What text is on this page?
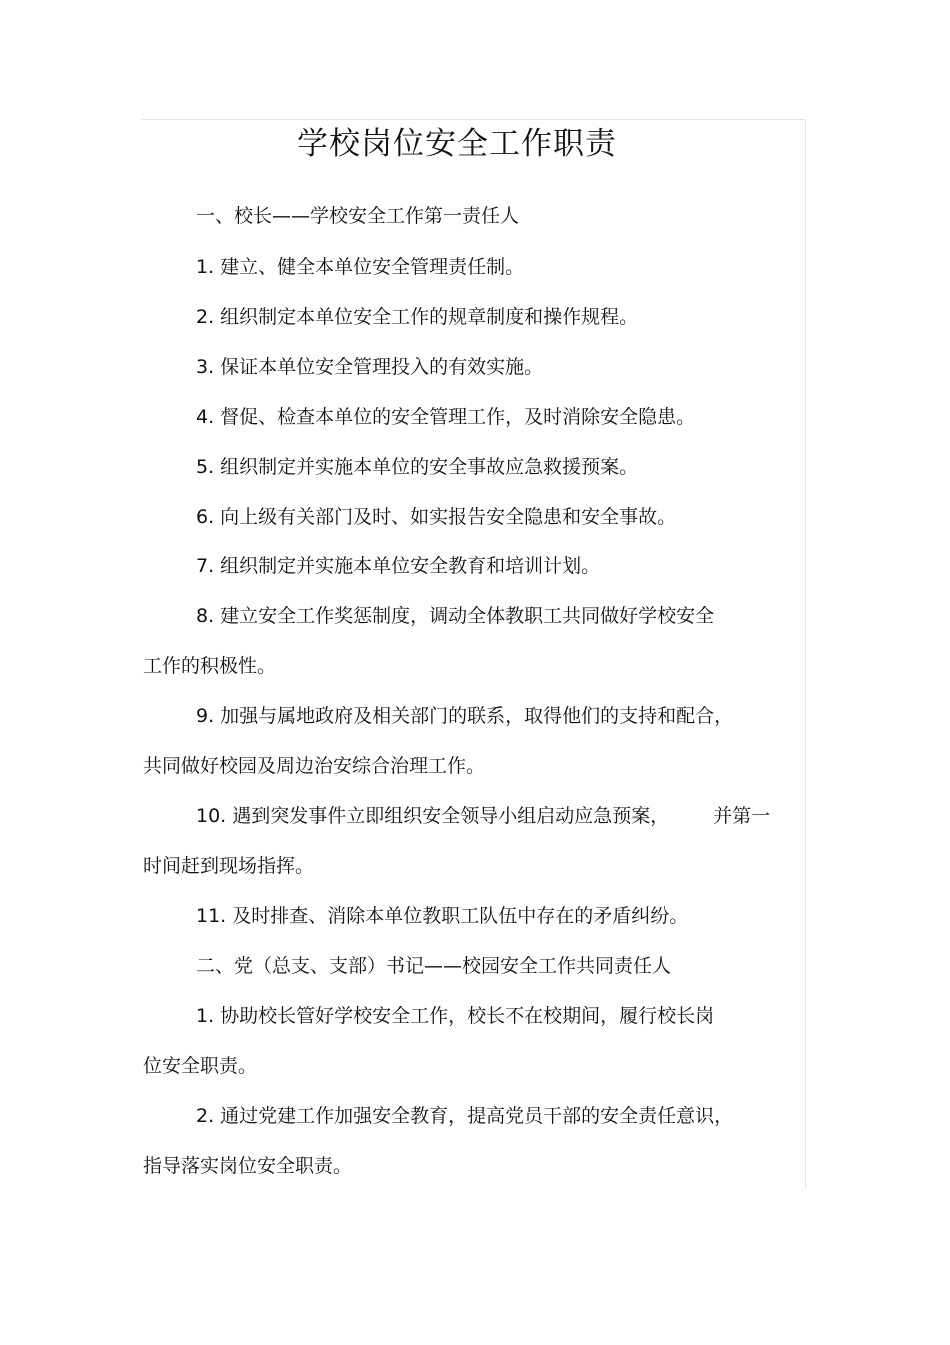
学校岗位安全工作职责
一、校长——学校安全工作第一责任人
1. 建立、健全本单位安全管理责任制。
2. 组织制定本单位安全工作的规章制度和操作规程。
3. 保证本单位安全管理投入的有效实施。
4. 督促、检查本单位的安全管理工作，及时消除安全隐患。
5. 组织制定并实施本单位的安全事故应急救援预案。
6. 向上级有关部门及时、如实报告安全隐患和安全事故。
7. 组织制定并实施本单位安全教育和培训计划。
8. 建立安全工作奖惩制度，调动全体教职工共同做好学校安全
工作的积极性。
9. 加强与属地政府及相关部门的联系，取得他们的支持和配合，
共同做好校园及周边治安综合治理工作。
10. 遇到突发事件立即组织安全领导小组启动应急预案， 并第一
时间赶到现场指挥。
11. 及时排查、消除本单位教职工队伍中存在的矛盾纠纷。
二、党（总支、支部）书记——校园安全工作共同责任人
1. 协助校长管好学校安全工作，校长不在校期间，履行校长岗
位安全职责。
2. 通过党建工作加强安全教育，提高党员干部的安全责任意识，
指导落实岗位安全职责。
